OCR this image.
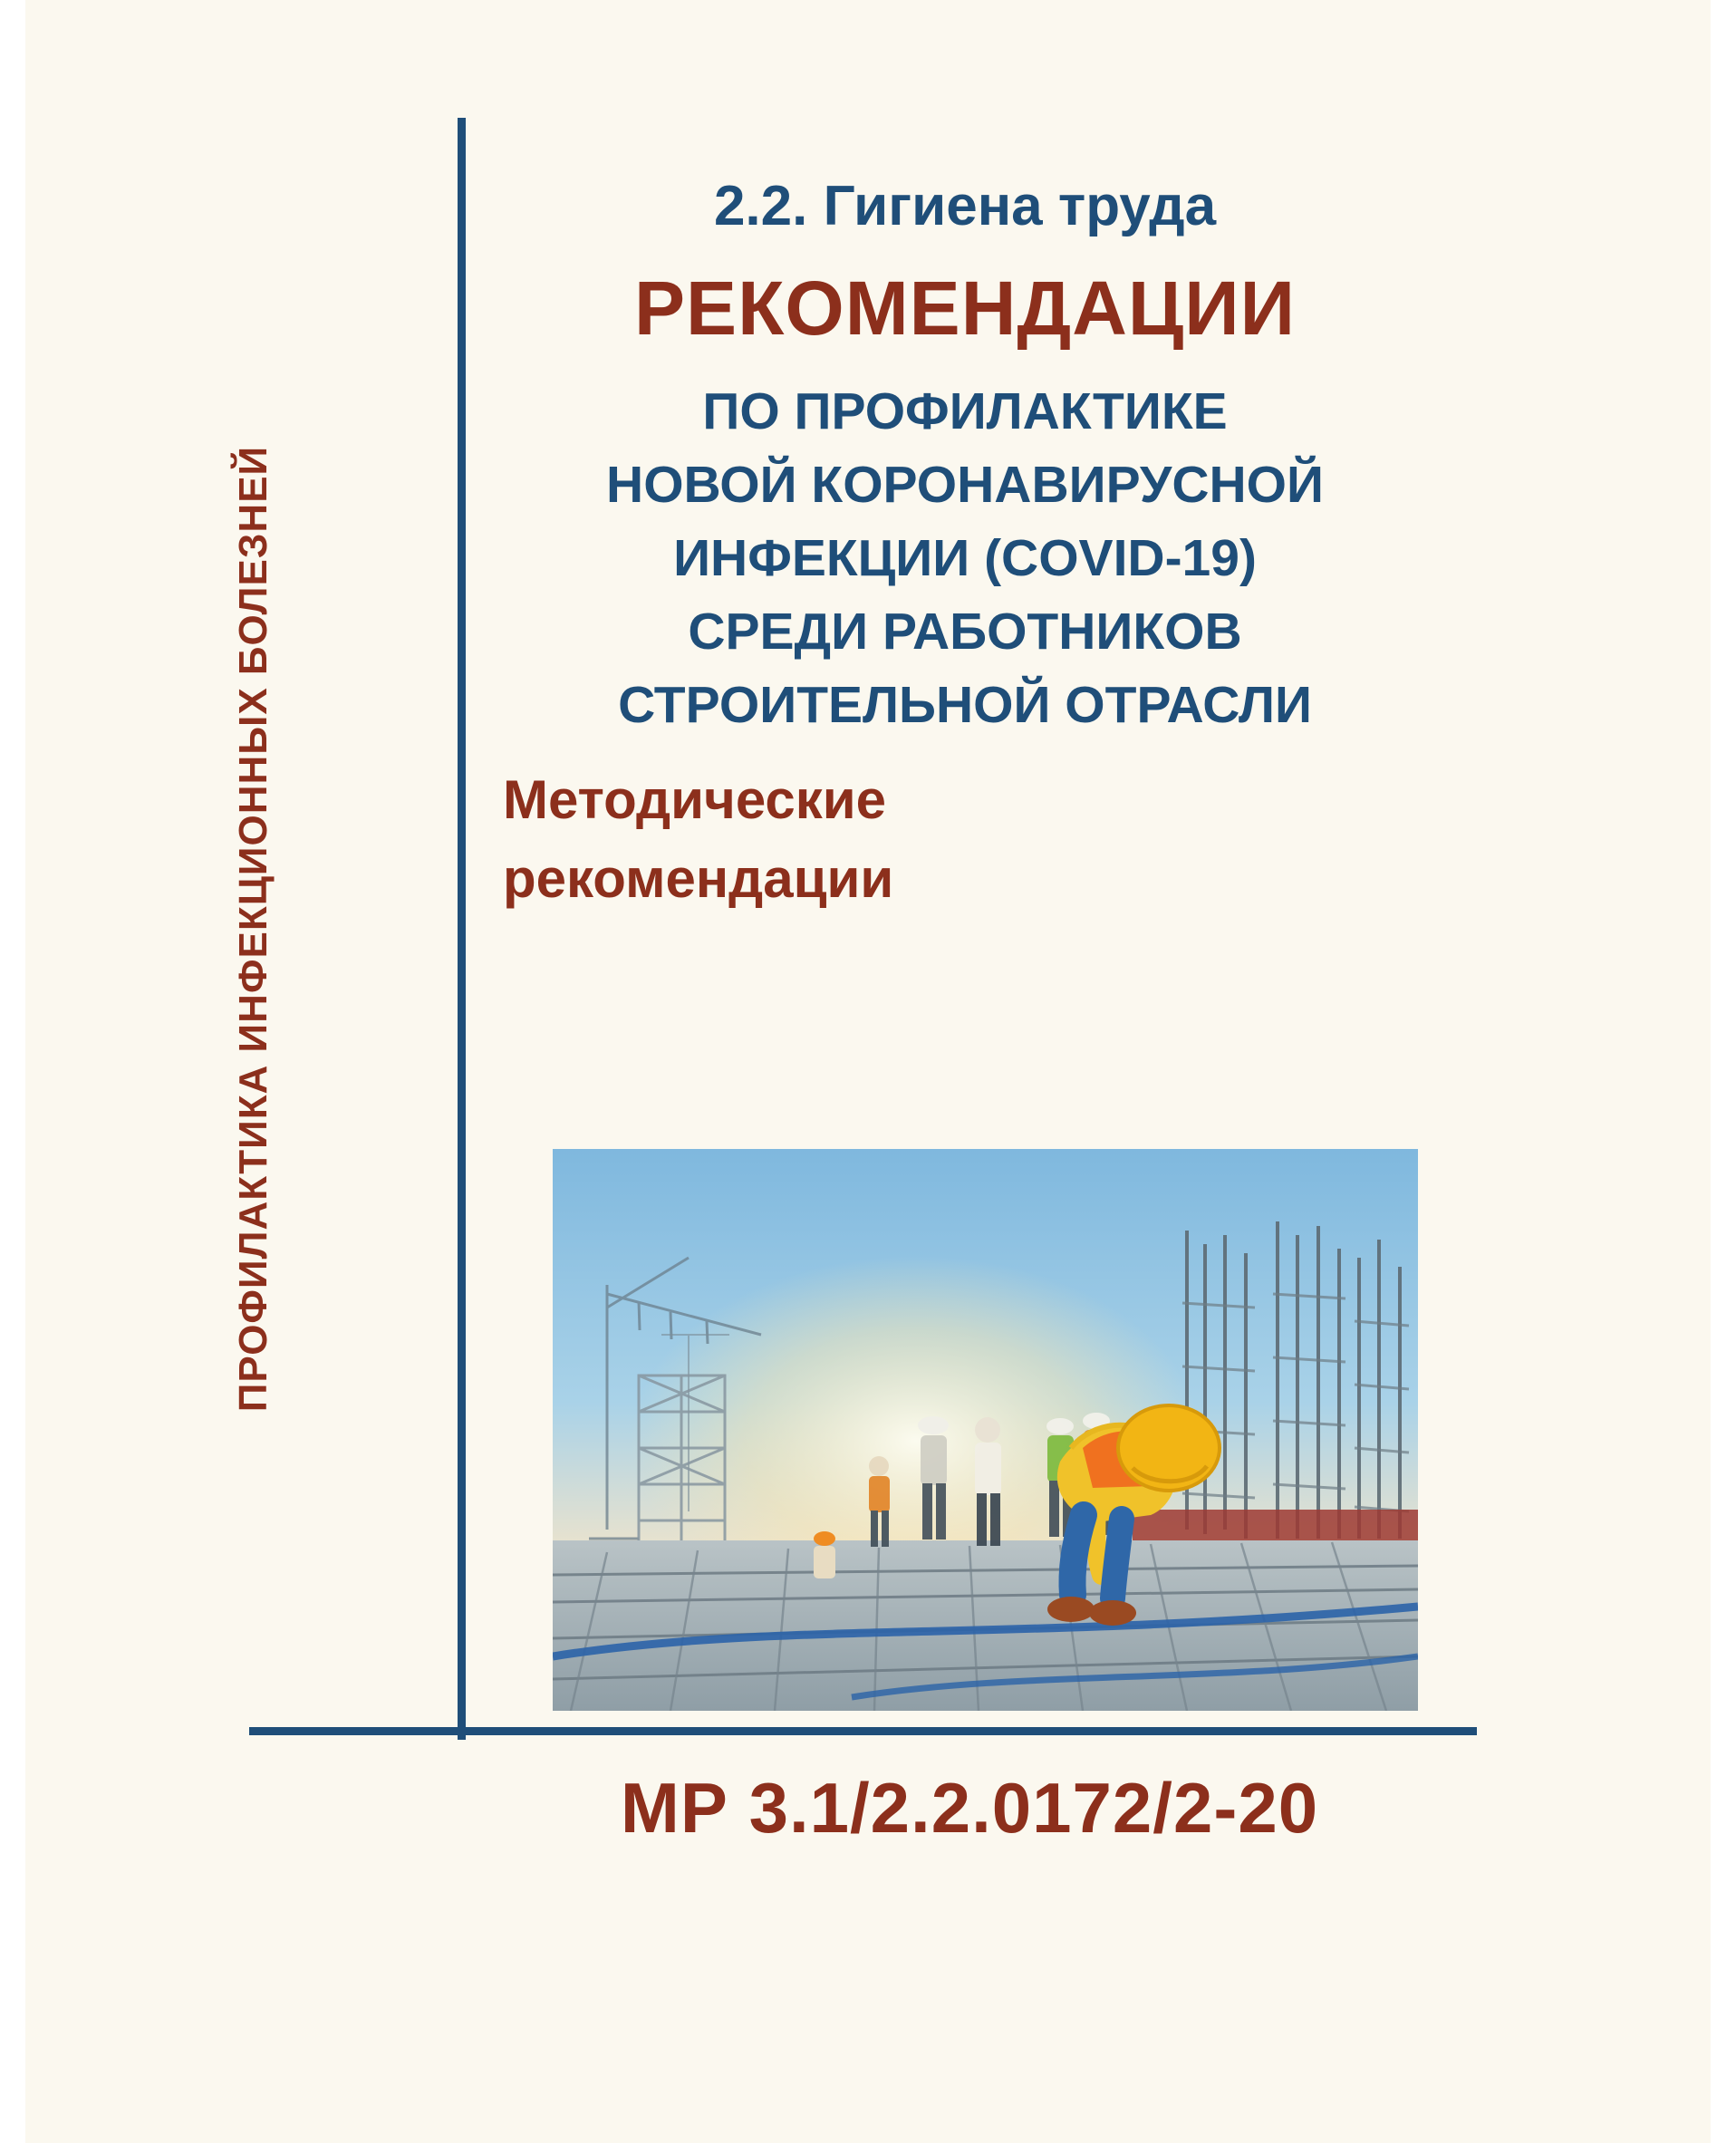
ПРОФИЛАКТИКА ИНФЕКЦИОННЫХ БОЛЕЗНЕЙ
2.2. Гигиена труда
РЕКОМЕНДАЦИИ
ПО ПРОФИЛАКТИКЕ
НОВОЙ КОРОНАВИРУСНОЙ
ИНФЕКЦИИ (COVID-19)
СРЕДИ РАБОТНИКОВ
СТРОИТЕЛЬНОЙ ОТРАСЛИ
Методические
рекомендации
МР 3.1/2.2.0172/2-20
